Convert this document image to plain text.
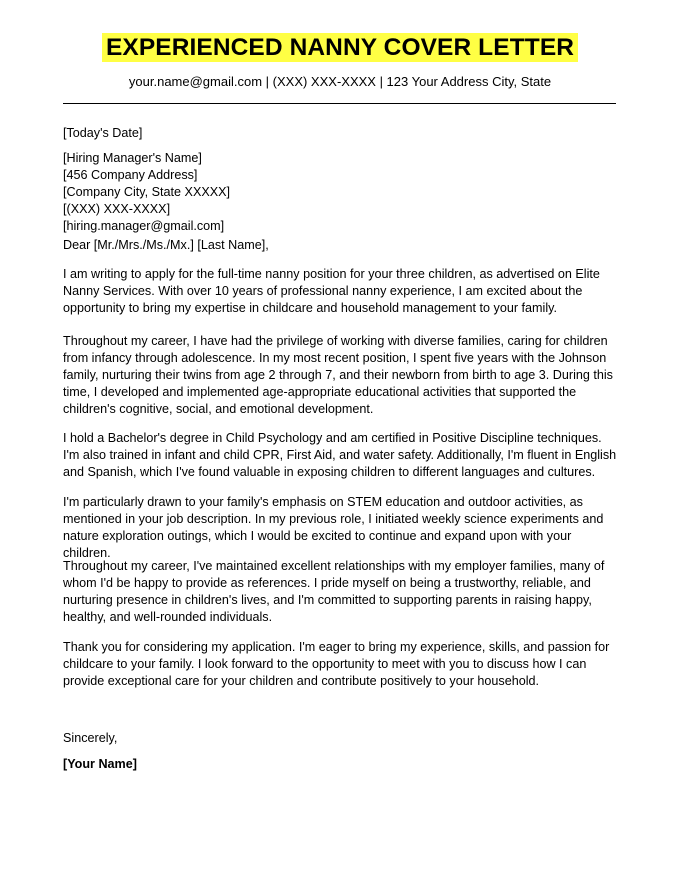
EXPERIENCED NANNY COVER LETTER
your.name@gmail.com | (XXX) XXX-XXXX | 123 Your Address City, State
[Today's Date]
[Hiring Manager's Name]
[456 Company Address]
[Company City, State XXXXX]
[(XXX) XXX-XXXX]
[hiring.manager@gmail.com]
Dear [Mr./Mrs./Ms./Mx.] [Last Name],

I am writing to apply for the full-time nanny position for your three children, as advertised on Elite Nanny Services. With over 10 years of professional nanny experience, I am excited about the opportunity to bring my expertise in childcare and household management to your family.

Throughout my career, I have had the privilege of working with diverse families, caring for children from infancy through adolescence. In my most recent position, I spent five years with the Johnson family, nurturing their twins from age 2 through 7, and their newborn from birth to age 3. During this time, I developed and implemented age-appropriate educational activities that supported the children's cognitive, social, and emotional development.

I hold a Bachelor's degree in Child Psychology and am certified in Positive Discipline techniques. I'm also trained in infant and child CPR, First Aid, and water safety. Additionally, I'm fluent in English and Spanish, which I've found valuable in exposing children to different languages and cultures.

I'm particularly drawn to your family's emphasis on STEM education and outdoor activities, as mentioned in your job description. In my previous role, I initiated weekly science experiments and nature exploration outings, which I would be excited to continue and expand upon with your children.

Throughout my career, I've maintained excellent relationships with my employer families, many of whom I'd be happy to provide as references. I pride myself on being a trustworthy, reliable, and nurturing presence in children's lives, and I'm committed to supporting parents in raising happy, healthy, and well-rounded individuals.

Thank you for considering my application. I'm eager to bring my experience, skills, and passion for childcare to your family. I look forward to the opportunity to meet with you to discuss how I can provide exceptional care for your children and contribute positively to your household.

Sincerely,
[Your Name]
